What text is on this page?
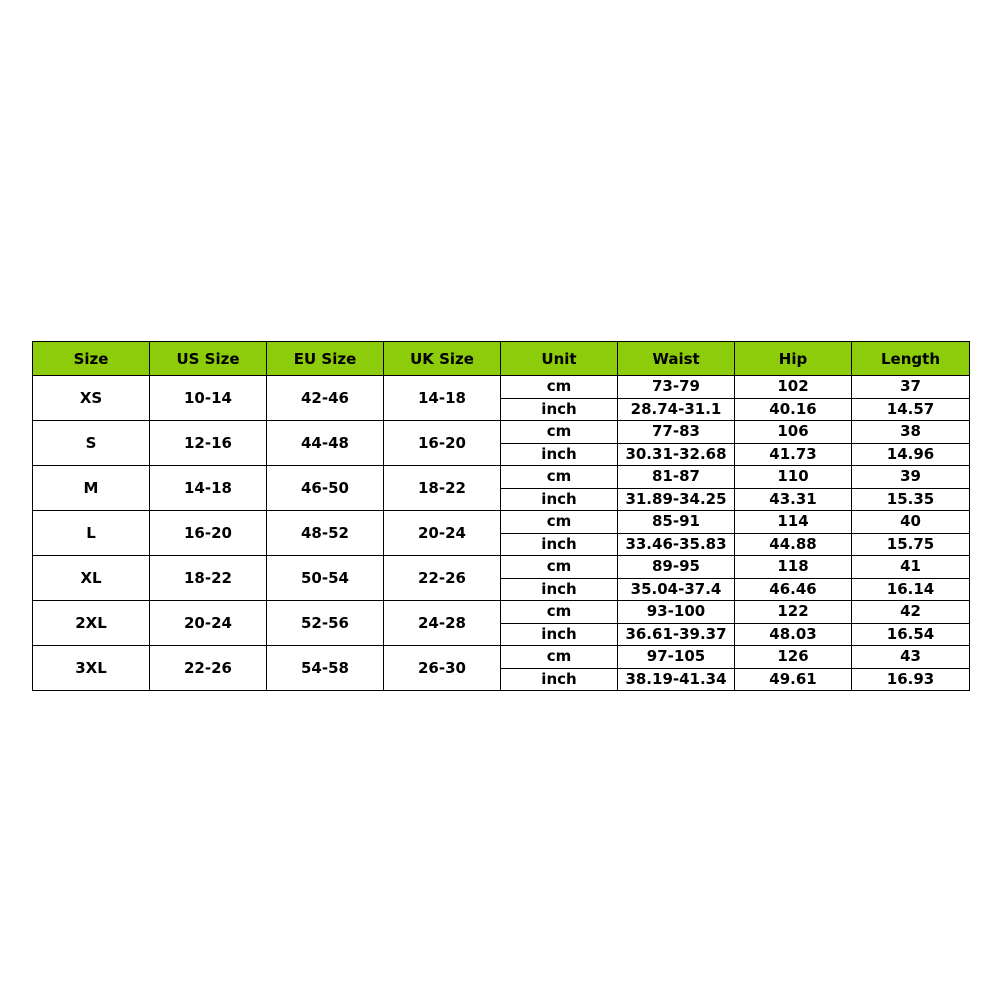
Size	US Size	EU Size	UK Size	Unit	Waist	Hip	Length
XS	10-14	42-46	14-18	cm	73-79	102	37
				inch	28.74-31.1	40.16	14.57
S	12-16	44-48	16-20	cm	77-83	106	38
				inch	30.31-32.68	41.73	14.96
M	14-18	46-50	18-22	cm	81-87	110	39
				inch	31.89-34.25	43.31	15.35
L	16-20	48-52	20-24	cm	85-91	114	40
				inch	33.46-35.83	44.88	15.75
XL	18-22	50-54	22-26	cm	89-95	118	41
				inch	35.04-37.4	46.46	16.14
2XL	20-24	52-56	24-28	cm	93-100	122	42
				inch	36.61-39.37	48.03	16.54
3XL	22-26	54-58	26-30	cm	97-105	126	43
				inch	38.19-41.34	49.61	16.93
